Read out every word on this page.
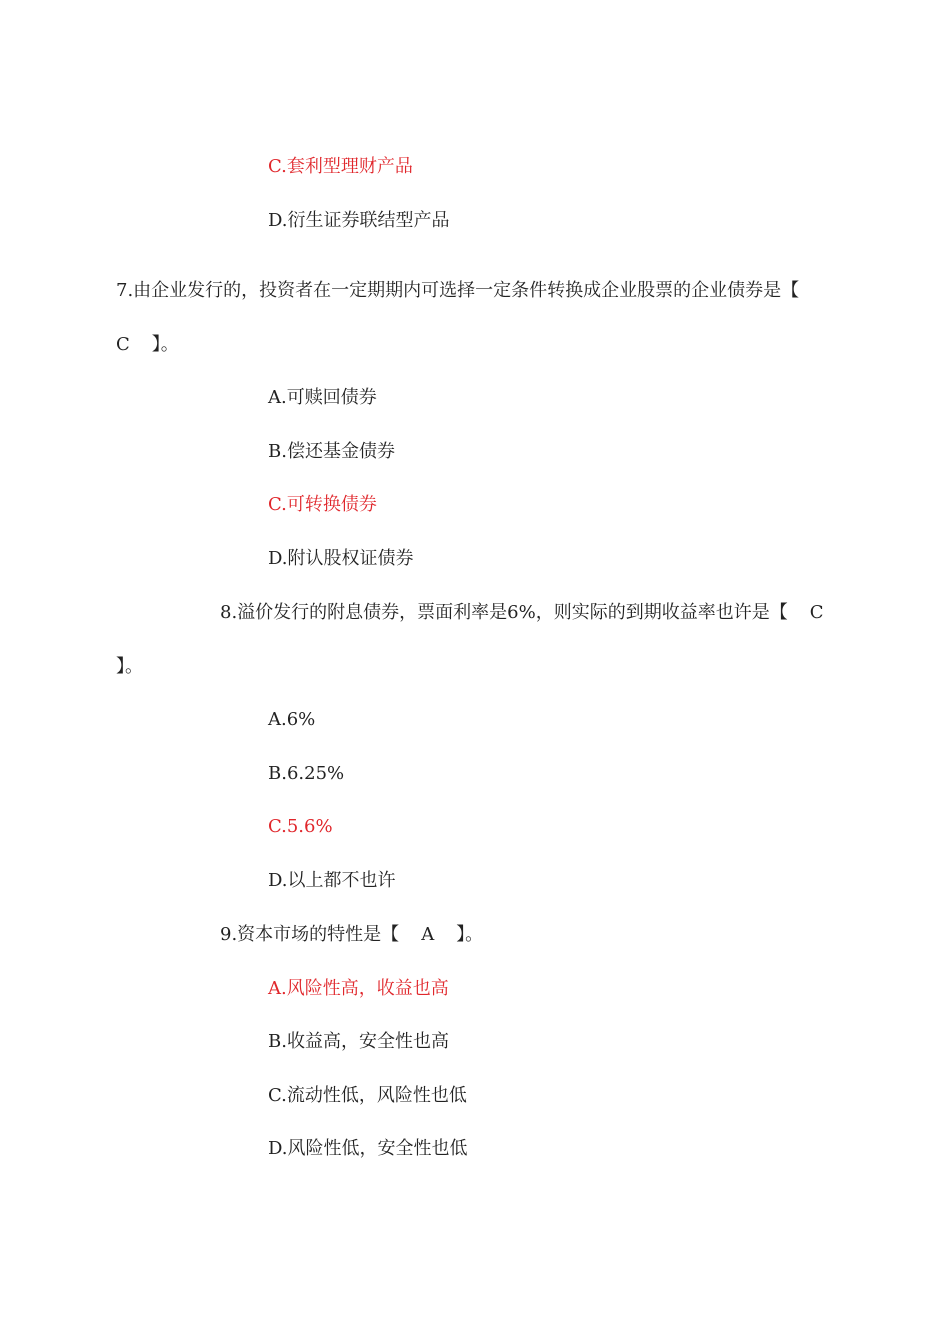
C.套利型理财产品
D.衍生证券联结型产品
7.由企业发行的，投资者在一定期期内可选择一定条件转换成企业股票的企业债券是【
C 】。
A.可赎回债券
B.偿还基金债券
C.可转换债券
D.附认股权证债券
8.溢价发行的附息债券，票面利率是6%，则实际的到期收益率也许是【 C
】。
A.6%
B.6.25%
C.5.6%
D.以上都不也许
9.资本市场的特性是【 A 】。
A.风险性高，收益也高
B.收益高，安全性也高
C.流动性低，风险性也低
D.风险性低，安全性也低
